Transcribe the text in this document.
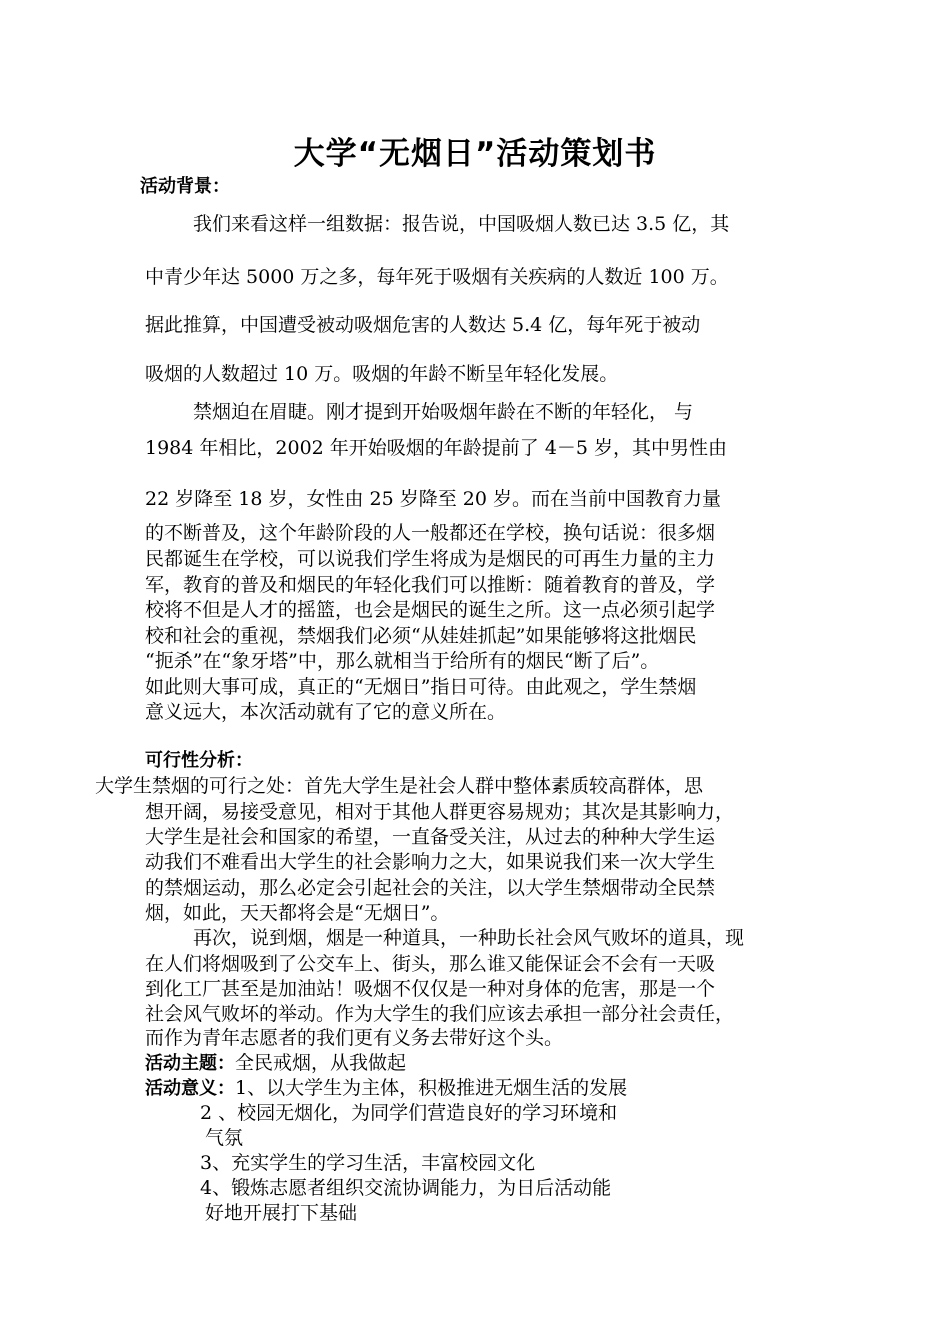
大学“无烟日”活动策划书
活动背景：
我们来看这样一组数据：报告说，中国吸烟人数已达 3.5 亿，其
中青少年达 5000 万之多，每年死于吸烟有关疾病的人数近 100 万。
据此推算，中国遭受被动吸烟危害的人数达 5.4 亿，每年死于被动
吸烟的人数超过 10 万。吸烟的年龄不断呈年轻化发展。
禁烟迫在眉睫。刚才提到开始吸烟年龄在不断的年轻化， 与
1984 年相比，2002 年开始吸烟的年龄提前了 4－5 岁，其中男性由
22 岁降至 18 岁，女性由 25 岁降至 20 岁。而在当前中国教育力量
的不断普及，这个年龄阶段的人一般都还在学校，换句话说：很多烟
民都诞生在学校，可以说我们学生将成为是烟民的可再生力量的主力
军，教育的普及和烟民的年轻化我们可以推断：随着教育的普及，学
校将不但是人才的摇篮，也会是烟民的诞生之所。这一点必须引起学
校和社会的重视，禁烟我们必须“从娃娃抓起”如果能够将这批烟民
“扼杀”在“象牙塔”中，那么就相当于给所有的烟民“断了后”。
如此则大事可成，真正的“无烟日”指日可待。由此观之，学生禁烟
意义远大，本次活动就有了它的意义所在。
可行性分析：
大学生禁烟的可行之处：首先大学生是社会人群中整体素质较高群体，思
想开阔，易接受意见，相对于其他人群更容易规劝；其次是其影响力，
大学生是社会和国家的希望，一直备受关注，从过去的种种大学生运
动我们不难看出大学生的社会影响力之大，如果说我们来一次大学生
的禁烟运动，那么必定会引起社会的关注，以大学生禁烟带动全民禁
烟，如此，天天都将会是“无烟日”。
再次，说到烟，烟是一种道具，一种助长社会风气败坏的道具，现
在人们将烟吸到了公交车上、街头，那么谁又能保证会不会有一天吸
到化工厂甚至是加油站！吸烟不仅仅是一种对身体的危害，那是一个
社会风气败坏的举动。作为大学生的我们应该去承担一部分社会责任，
而作为青年志愿者的我们更有义务去带好这个头。
活动主题：全民戒烟，从我做起
活动意义：1、以大学生为主体，积极推进无烟生活的发展
2 、校园无烟化，为同学们营造良好的学习环境和
气氛
3、充实学生的学习生活，丰富校园文化
4、锻炼志愿者组织交流协调能力，为日后活动能
好地开展打下基础
